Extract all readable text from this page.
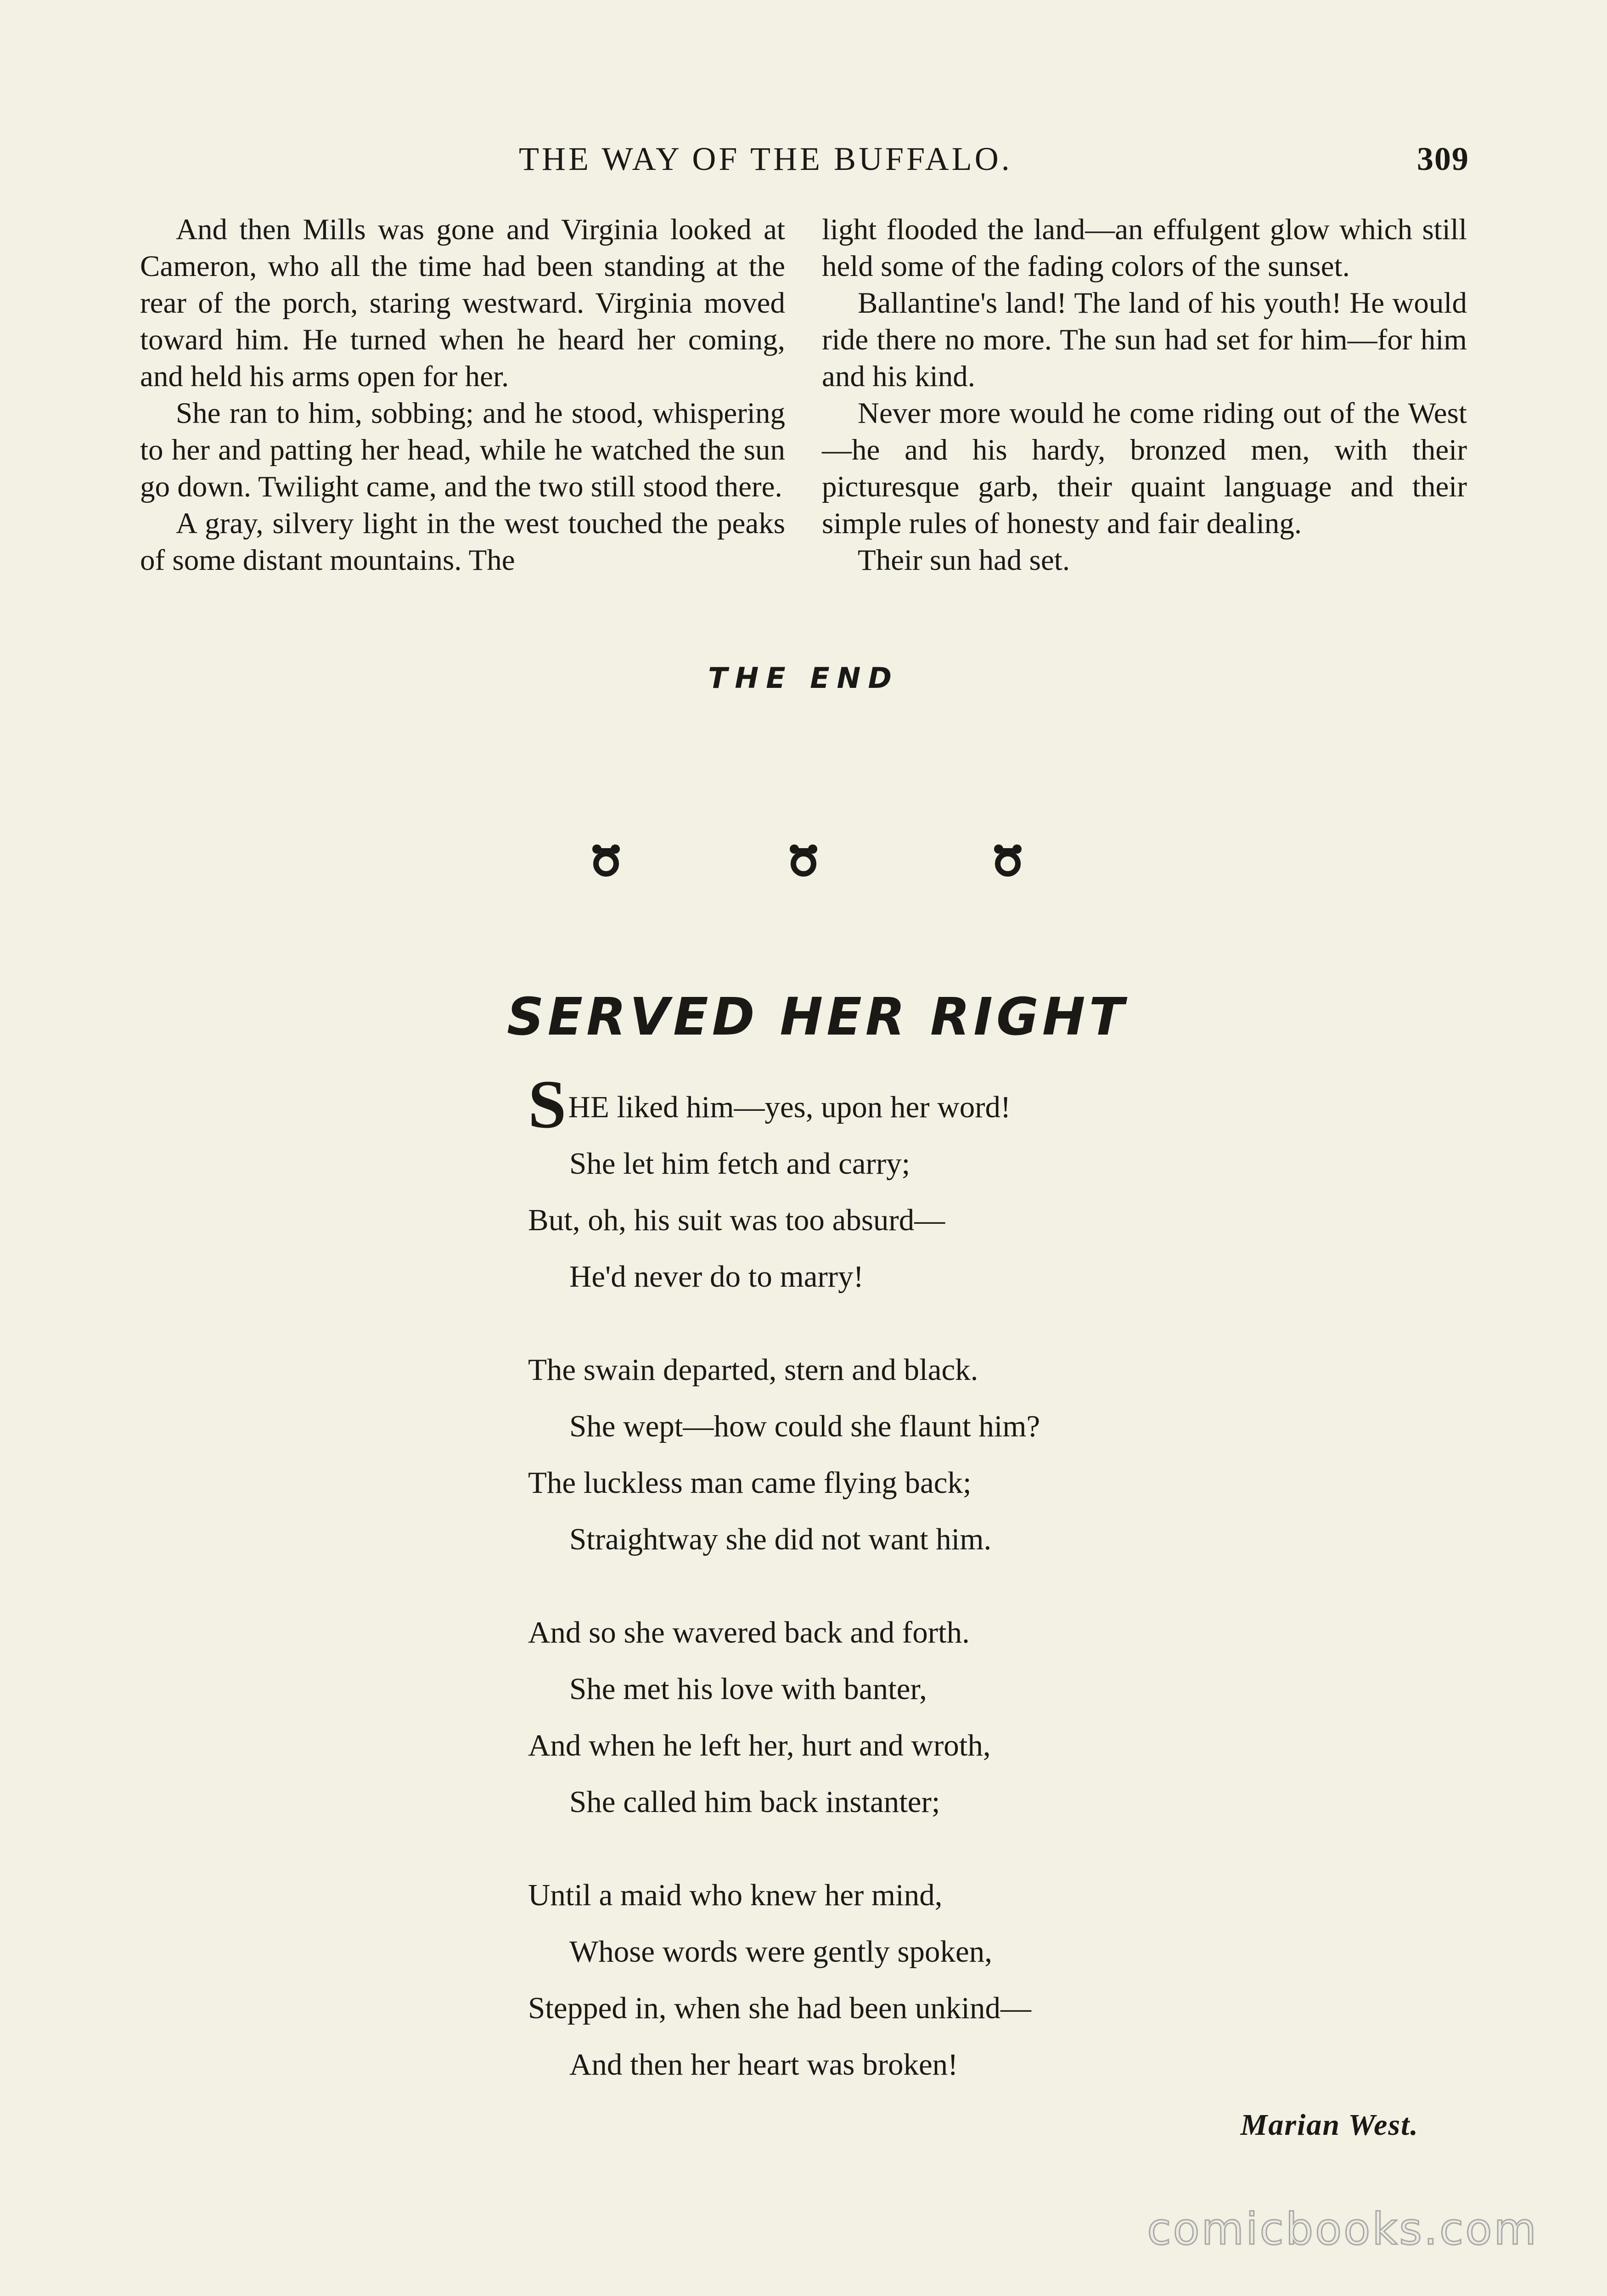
THE WAY OF THE BUFFALO.	309

And then Mills was gone and Virginia looked at Cameron, who all the time had been standing at the rear of the porch, staring westward. Virginia moved toward him. He turned when he heard her coming, and held his arms open for her.

She ran to him, sobbing; and he stood, whispering to her and patting her head, while he watched the sun go down. Twilight came, and the two still stood there.

A gray, silvery light in the west touched the peaks of some distant mountains. The

light flooded the land—an effulgent glow which still held some of the fading colors of the sunset.

Ballantine's land! The land of his youth! He would ride there no more. The sun had set for him—for him and his kind.

Never more would he come riding out of the West—he and his hardy, bronzed men, with their picturesque garb, their quaint language and their simple rules of honesty and fair dealing.

Their sun had set.

THE END
SERVED HER RIGHT
SHE liked him—yes, upon her word!
She let him fetch and carry;
But, oh, his suit was too absurd—
He'd never do to marry!
The swain departed, stern and black.
She wept—how could she flaunt him?
The luckless man came flying back;
Straightway she did not want him.
And so she wavered back and forth.
She met his love with banter,
And when he left her, hurt and wroth,
She called him back instanter;
Until a maid who knew her mind,
Whose words were gently spoken,
Stepped in, when she had been unkind—
And then her heart was broken!
Marian West.
comicbooks.com
